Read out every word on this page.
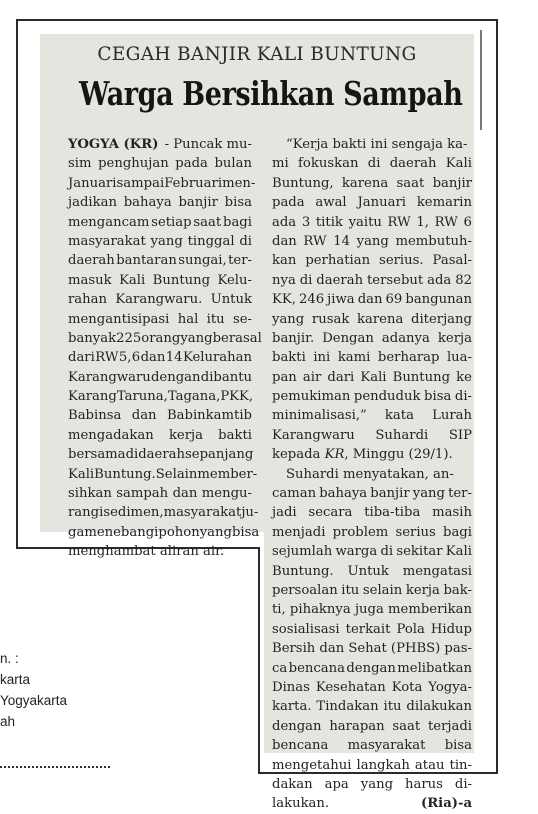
CEGAH BANJIR KALI BUNTUNG
Warga Bersihkan Sampah
YOGYA (KR) - Puncak mu-
sim penghujan pada bulan
Januari sampai Februari men-
jadikan bahaya banjir bisa
mengancam setiap saat bagi
masyarakat yang tinggal di
daerah bantaran sungai, ter-
masuk Kali Buntung Kelu-
rahan Karangwaru. Untuk
mengantisipasi hal itu se-
banyak 225 orang yang berasal
dari RW 5, 6 dan 14 Kelurahan
Karangwaru dengan dibantu
Karang Taruna, Tagana, PKK,
Babinsa dan Babinkamtib
mengadakan kerja bakti
bersama di daerah sepanjang
Kali Buntung. Selain member-
sihkan sampah dan mengu-
rangi sedimen, masyarakat ju-
ga menebangi pohon yang bisa
menghambat aliran air.
“Kerja bakti ini sengaja ka-
mi fokuskan di daerah Kali
Buntung, karena saat banjir
pada awal Januari kemarin
ada 3 titik yaitu RW 1, RW 6
dan RW 14 yang membutuh-
kan perhatian serius. Pasal-
nya di daerah tersebut ada 82
KK, 246 jiwa dan 69 bangunan
yang rusak karena diterjang
banjir. Dengan adanya kerja
bakti ini kami berharap lua-
pan air dari Kali Buntung ke
pemukiman penduduk bisa di-
minimalisasi,” kata Lurah
Karangwaru Suhardi SIP
kepada KR, Minggu (29/1).
Suhardi menyatakan, an-
caman bahaya banjir yang ter-
jadi secara tiba-tiba masih
menjadi problem serius bagi
sejumlah warga di sekitar Kali
Buntung. Untuk mengatasi
persoalan itu selain kerja bak-
ti, pihaknya juga memberikan
sosialisasi terkait Pola Hidup
Bersih dan Sehat (PHBS) pas-
ca bencana dengan melibatkan
Dinas Kesehatan Kota Yogya-
karta. Tindakan itu dilakukan
dengan harapan saat terjadi
bencana masyarakat bisa
mengetahui langkah atau tin-
dakan apa yang harus di-
lakukan.	(Ria)-a
n. :
karta
Yogyakarta
ah
